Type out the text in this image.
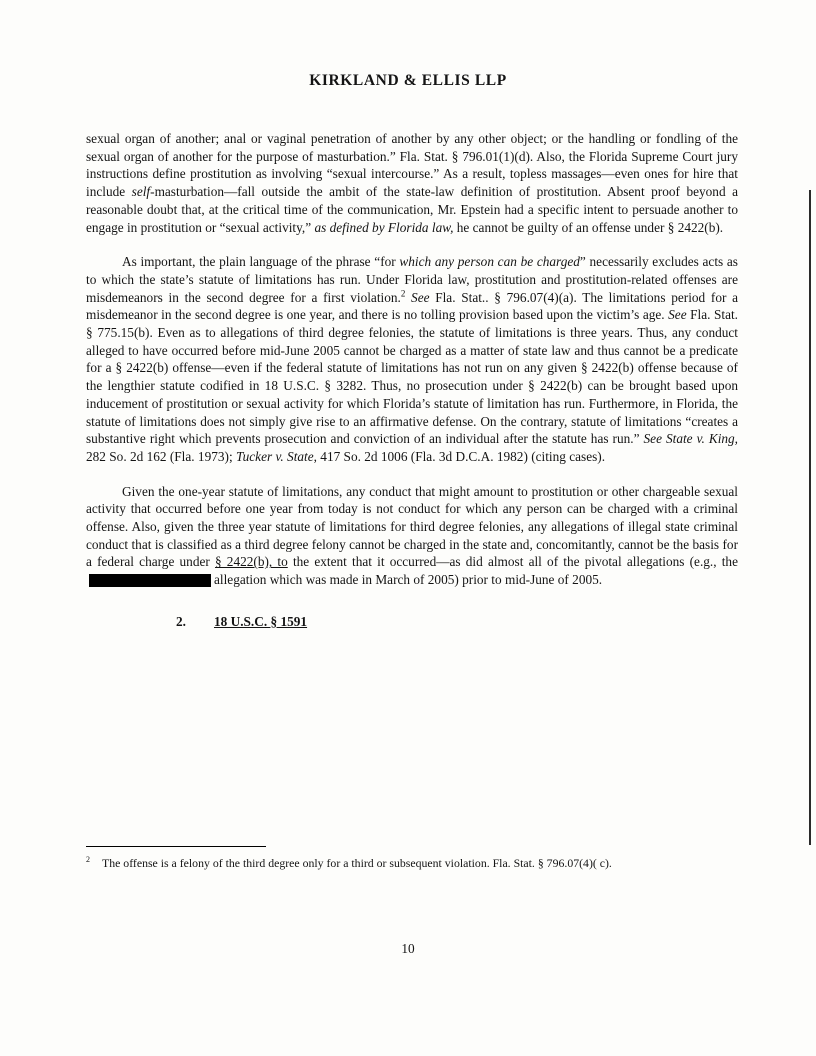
KIRKLAND & ELLIS LLP

sexual organ of another; anal or vaginal penetration of another by any other object; or the handling or fondling of the sexual organ of another for the purpose of masturbation.” Fla. Stat. § 796.01(1)(d). Also, the Florida Supreme Court jury instructions define prostitution as involving “sexual intercourse.” As a result, topless massages—even ones for hire that include self-masturbation—fall outside the ambit of the state-law definition of prostitution. Absent proof beyond a reasonable doubt that, at the critical time of the communication, Mr. Epstein had a specific intent to persuade another to engage in prostitution or “sexual activity,” as defined by Florida law, he cannot be guilty of an offense under § 2422(b).

As important, the plain language of the phrase “for which any person can be charged” necessarily excludes acts as to which the state’s statute of limitations has run. Under Florida law, prostitution and prostitution-related offenses are misdemeanors in the second degree for a first violation.$^2$ See Fla. Stat.. § 796.07(4)(a). The limitations period for a misdemeanor in the second degree is one year, and there is no tolling provision based upon the victim’s age. See Fla. Stat. § 775.15(b). Even as to allegations of third degree felonies, the statute of limitations is three years. Thus, any conduct alleged to have occurred before mid-June 2005 cannot be charged as a matter of state law and thus cannot be a predicate for a § 2422(b) offense—even if the federal statute of limitations has not run on any given § 2422(b) offense because of the lengthier statute codified in 18 U.S.C. § 3282. Thus, no prosecution under § 2422(b) can be brought based upon inducement of prostitution or sexual activity for which Florida’s statute of limitation has run. Furthermore, in Florida, the statute of limitations does not simply give rise to an affirmative defense. On the contrary, statute of limitations “creates a substantive right which prevents prosecution and conviction of an individual after the statute has run.” See State v. King, 282 So. 2d 162 (Fla. 1973); Tucker v. State, 417 So. 2d 1006 (Fla. 3d D.C.A. 1982) (citing cases).

Given the one-year statute of limitations, any conduct that might amount to prostitution or other chargeable sexual activity that occurred before one year from today is not conduct for which any person can be charged with a criminal offense. Also, given the three year statute of limitations for third degree felonies, any allegations of illegal state criminal conduct that is classified as a third degree felony cannot be charged in the state and, concomitantly, cannot be the basis for a federal charge under § 2422(b), to the extent that it occurred—as did almost all of the pivotal allegations (e.g., theallegation which was made in March of 2005) prior to mid-June of 2005.

2. 18 U.S.C. § 1591
$^2$ The offense is a felony of the third degree only for a third or subsequent violation. Fla. Stat. § 796.07(4)( c).
10
